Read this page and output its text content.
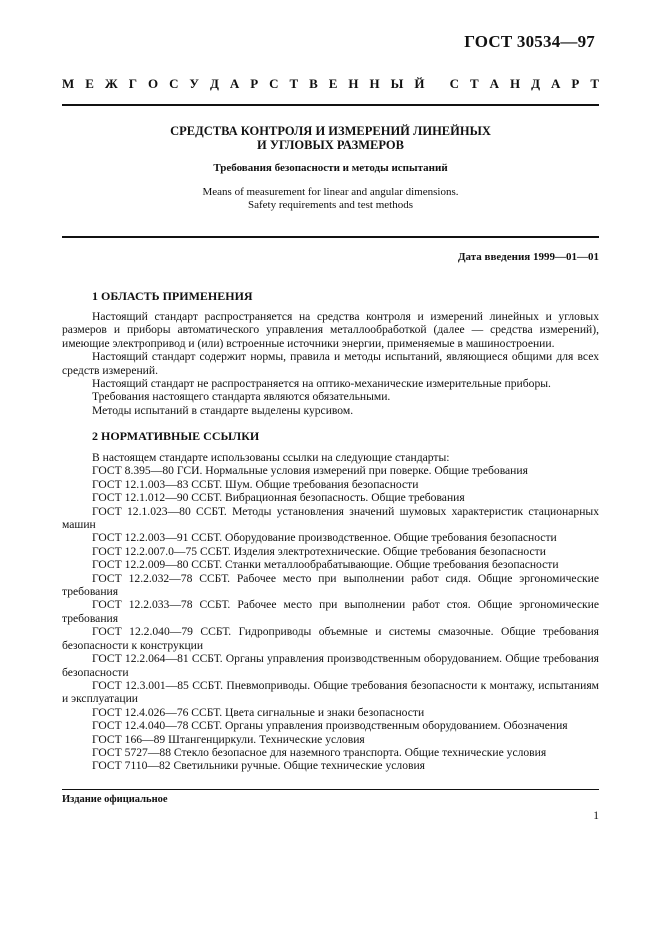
ГОСТ 30534—97
М Е Ж Г О С У Д А Р С Т В Е Н Н Ы Й
С Т А Н Д А Р Т
СРЕДСТВА КОНТРОЛЯ И ИЗМЕРЕНИЙ ЛИНЕЙНЫХ
И УГЛОВЫХ РАЗМЕРОВ
Требования безопасности и методы испытаний
Means of measurement for linear and angular dimensions.
Safety requirements and test methods
Дата введения 1999—01—01
1 ОБЛАСТЬ ПРИМЕНЕНИЯ

Настоящий стандарт распространяется на средства контроля и измерений линейных и угловых размеров и приборы автоматического управления металлообработкой (далее — средства измерений), имеющие электропривод и (или) встроенные источники энергии, применяемые в машиностроении.

Настоящий стандарт содержит нормы, правила и методы испытаний, являющиеся общими для всех средств измерений.

Настоящий стандарт не распространяется на оптико-механические измерительные приборы.

Требования настоящего стандарта являются обязательными.

Методы испытаний в стандарте выделены курсивом.

2 НОРМАТИВНЫЕ ССЫЛКИ

В настоящем стандарте использованы ссылки на следующие стандарты:

ГОСТ 8.395—80 ГСИ. Нормальные условия измерений при поверке. Общие требования

ГОСТ 12.1.003—83 ССБТ. Шум. Общие требования безопасности

ГОСТ 12.1.012—90 ССБТ. Вибрационная безопасность. Общие требования

ГОСТ 12.1.023—80 ССБТ. Методы установления значений шумовых характеристик стационарных машин

ГОСТ 12.2.003—91 ССБТ. Оборудование производственное. Общие требования безопасности

ГОСТ 12.2.007.0—75 ССБТ. Изделия электротехнические. Общие требования безопасности

ГОСТ 12.2.009—80 ССБТ. Станки металлообрабатывающие. Общие требования безопасности

ГОСТ 12.2.032—78 ССБТ. Рабочее место при выполнении работ сидя. Общие эргономические требования

ГОСТ 12.2.033—78 ССБТ. Рабочее место при выполнении работ стоя. Общие эргономические требования

ГОСТ 12.2.040—79 ССБТ. Гидроприводы объемные и системы смазочные. Общие требования безопасности к конструкции

ГОСТ 12.2.064—81 ССБТ. Органы управления производственным оборудованием. Общие требования безопасности

ГОСТ 12.3.001—85 ССБТ. Пневмоприводы. Общие требования безопасности к монтажу, испытаниям и эксплуатации

ГОСТ 12.4.026—76 ССБТ. Цвета сигнальные и знаки безопасности

ГОСТ 12.4.040—78 ССБТ. Органы управления производственным оборудованием. Обозначения

ГОСТ 166—89 Штангенциркули. Технические условия

ГОСТ 5727—88 Стекло безопасное для наземного транспорта. Общие технические условия

ГОСТ 7110—82 Светильники ручные. Общие технические условия

Издание официальное
1
